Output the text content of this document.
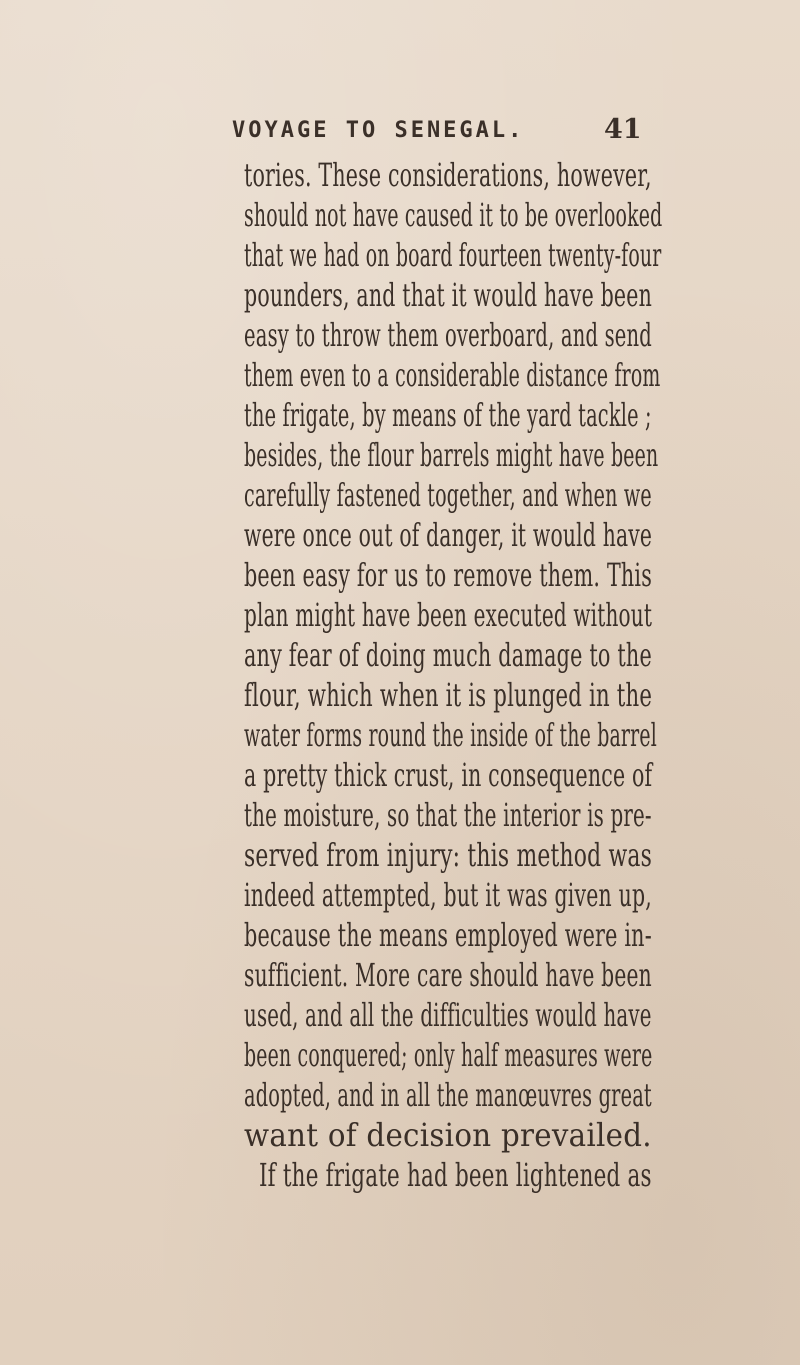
VOYAGE TO SENEGAL.	41
tories. These considerations, however,
should not have caused it to be overlooked
that we had on board fourteen twenty-four
pounders, and that it would have been
easy to throw them overboard, and send
them even to a considerable distance from
the frigate, by means of the yard tackle ;
besides, the flour barrels might have been
carefully fastened together, and when we
were once out of danger, it would have
been easy for us to remove them. This
plan might have been executed without
any fear of doing much damage to the
flour, which when it is plunged in the
water forms round the inside of the barrel
a pretty thick crust, in consequence of
the moisture, so that the interior is pre-
served from injury: this method was
indeed attempted, but it was given up,
because the means employed were in-
sufficient. More care should have been
used, and all the difficulties would have
been conquered; only half measures were
adopted, and in all the manœuvres great
want of decision prevailed.
If the frigate had been lightened as
